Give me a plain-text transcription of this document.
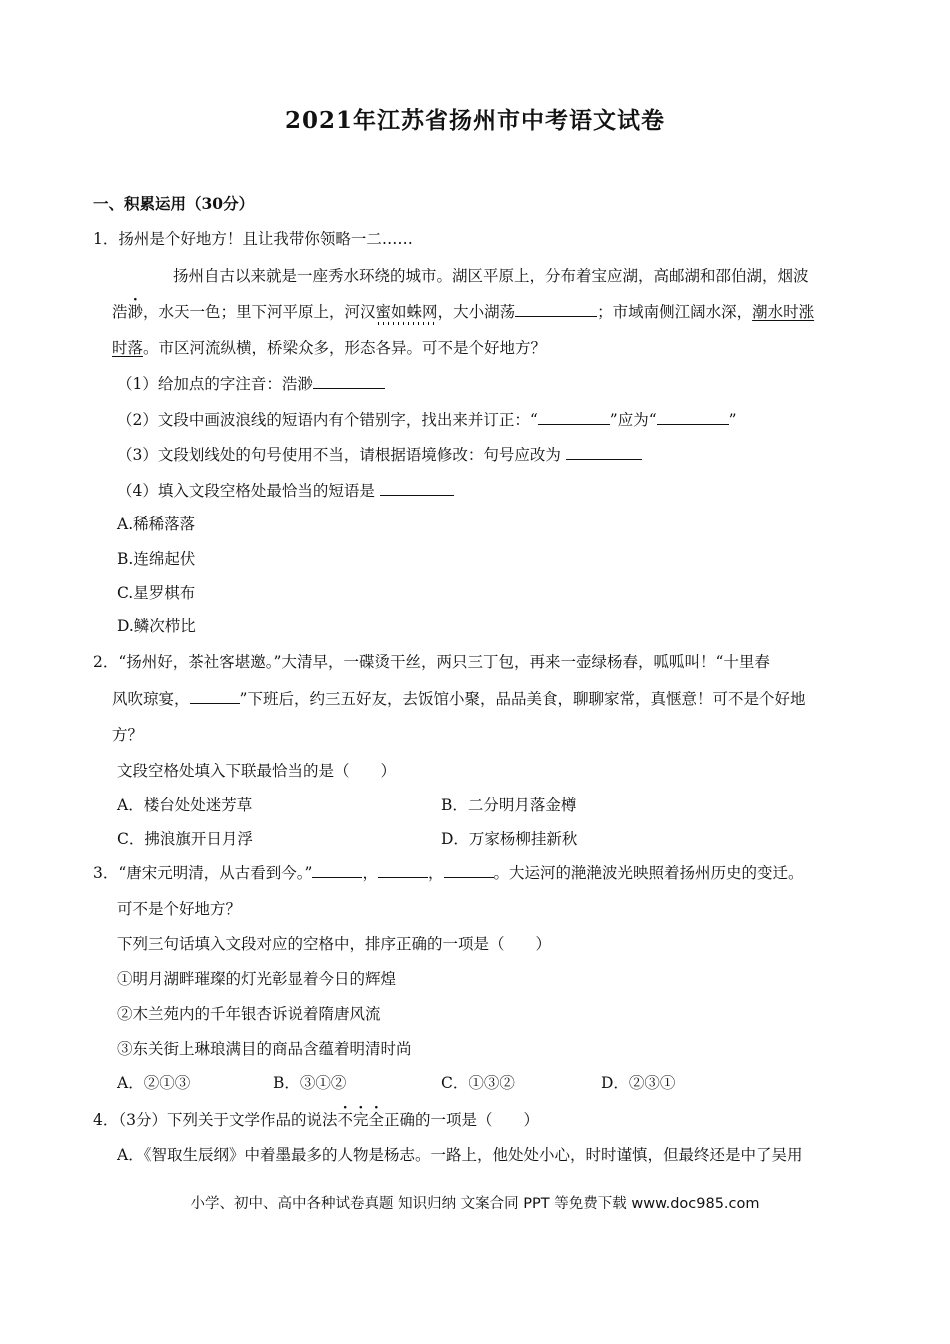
2021年江苏省扬州市中考语文试卷
一、积累运用（30分）
1．扬州是个好地方！且让我带你领略一二……
扬州自古以来就是一座秀水环绕的城市。湖区平原上，分布着宝应湖，高邮湖和邵伯湖，烟波
浩渺，水天一色；里下河平原上，河汉蜜如蛛网，大小湖荡	；市域南侧江阔水深，潮水时涨
时落。市区河流纵横，桥梁众多，形态各异。可不是个好地方？
（1）给加点的字注音：浩渺
（2）文段中画波浪线的短语内有个错别字，找出来并订正：“	”应为“	”
（3）文段划线处的句号使用不当，请根据语境修改：句号应改为
（4）填入文段空格处最恰当的短语是
A.稀稀落落
B.连绵起伏
C.星罗棋布
D.鳞次栉比
2．“扬州好，茶社客堪邀。”大清早，一碟烫干丝，两只三丁包，再来一壶绿杨春，呱呱叫！“十里春
风吹琼宴，	”下班后，约三五好友，去饭馆小聚，品品美食，聊聊家常，真惬意！可不是个好地
方？
文段空格处填入下联最恰当的是（　　）
A．楼台处处迷芳草	B．二分明月落金樽
C．拂浪旗开日月浮	D．万家杨柳挂新秋
3．“唐宋元明清，从古看到今。”	，	，	。大运河的滟滟波光映照着扬州历史的变迁。
可不是个好地方？
下列三句话填入文段对应的空格中，排序正确的一项是（　　）
①明月湖畔璀璨的灯光彰显着今日的辉煌
②木兰苑内的千年银杏诉说着隋唐风流
③东关街上琳琅满目的商品含蕴着明清时尚
A．②①③	B．③①②	C．①③②	D．②③①
4．（3分）下列关于文学作品的说法不完全正确的一项是（　　）
A．《智取生辰纲》中着墨最多的人物是杨志。一路上，他处处小心，时时谨慎，但最终还是中了吴用
小学、初中、高中各种试卷真题 知识归纳 文案合同 PPT 等免费下载 www.doc985.com
